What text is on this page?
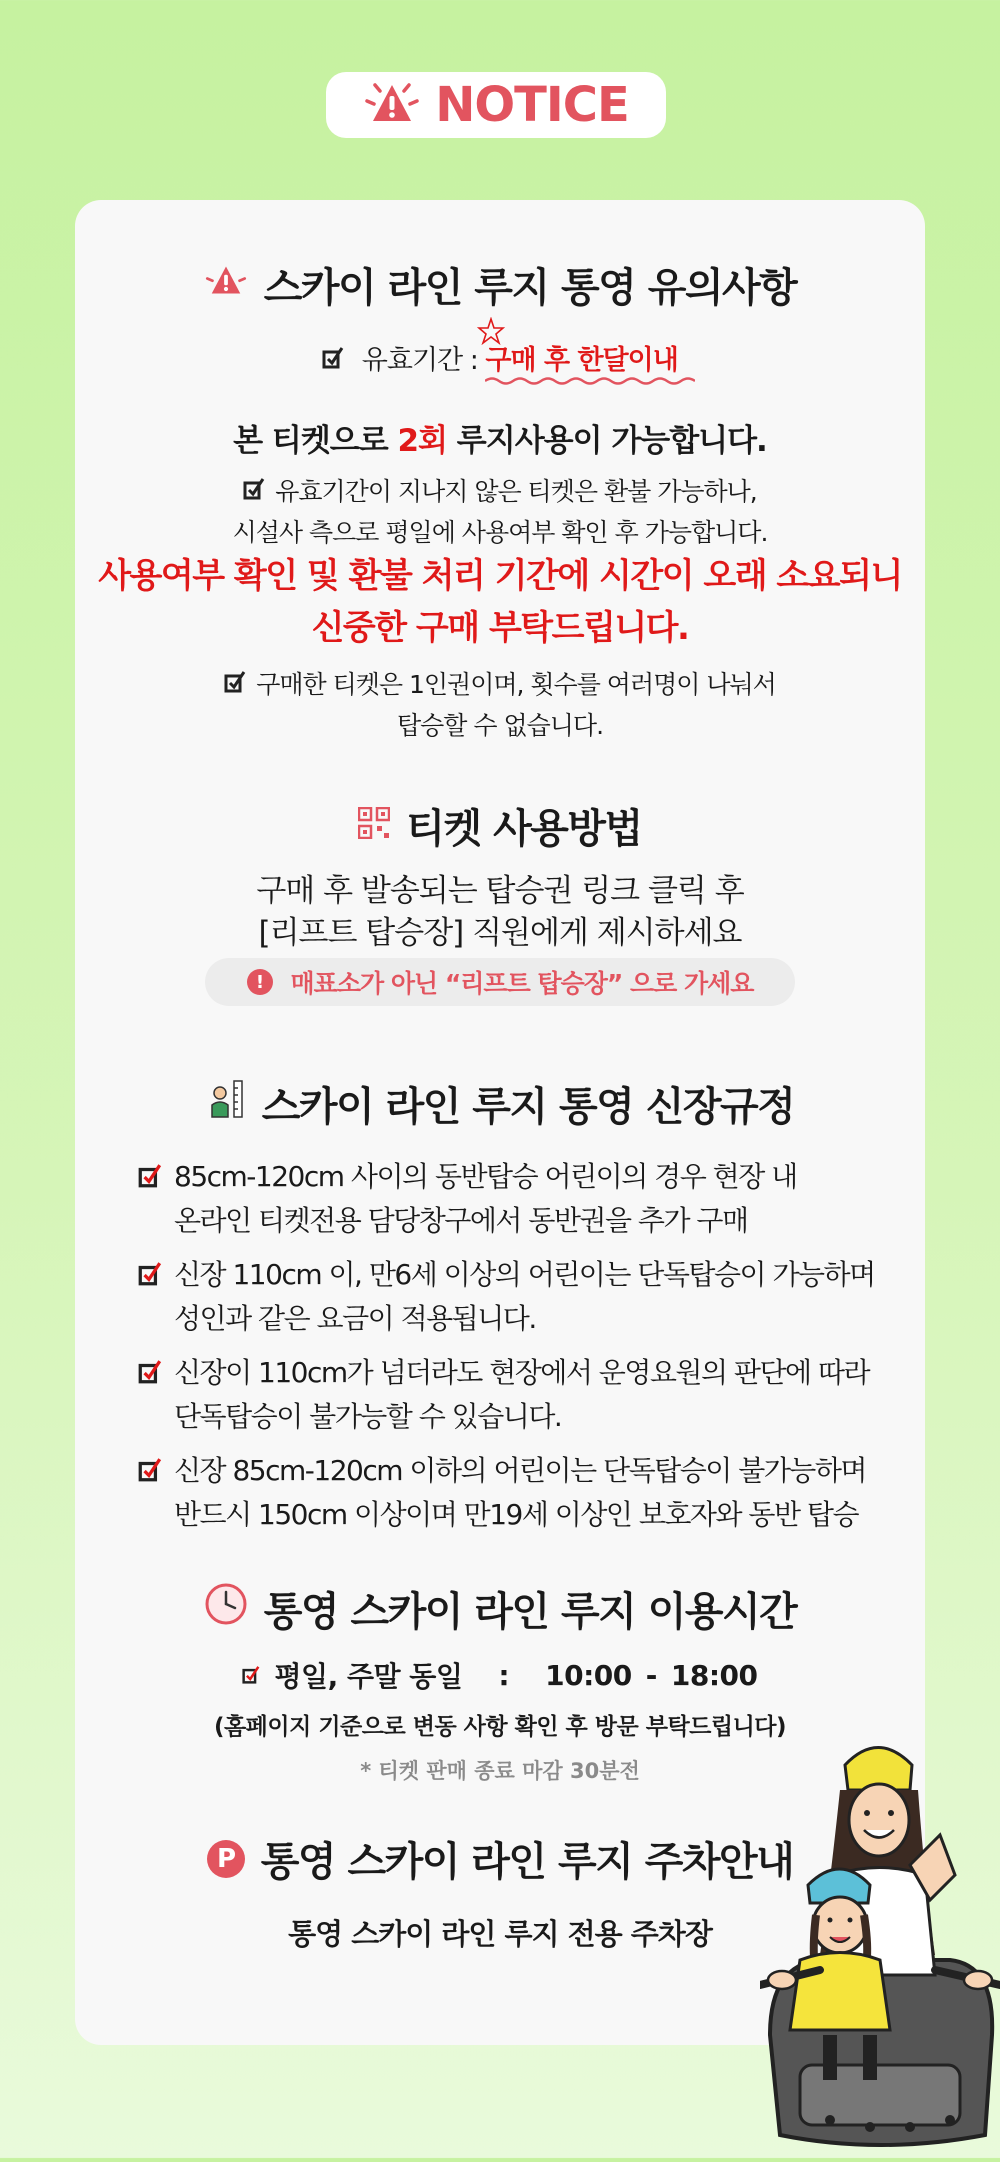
NOTICE
스카이 라인 루지 통영 유의사항
유효기간 : 구매 후 한달이내
본 티켓으로 2회 루지사용이 가능합니다.
유효기간이 지나지 않은 티켓은 환불 가능하나,
시설사 측으로 평일에 사용여부 확인 후 가능합니다.
사용여부 확인 및 환불 처리 기간에 시간이 오래 소요되니
신중한 구매 부탁드립니다.
구매한 티켓은 1인권이며, 횟수를 여러명이 나눠서
탑승할 수 없습니다.
티켓 사용방법
구매 후 발송되는 탑승권 링크 클릭 후
[리프트 탑승장] 직원에게 제시하세요
!	매표소가 아닌 “리프트 탑승장” 으로 가세요
스카이 라인 루지 통영 신장규정
85cm-120cm 사이의 동반탑승 어린이의 경우 현장 내
온라인 티켓전용 담당창구에서 동반권을 추가 구매
신장 110cm 이, 만6세 이상의 어린이는 단독탑승이 가능하며
성인과 같은 요금이 적용됩니다.
신장이 110cm가 넘더라도 현장에서 운영요원의 판단에 따라
단독탑승이 불가능할 수 있습니다.
신장 85cm-120cm 이하의 어린이는 단독탑승이 불가능하며
반드시 150cm 이상이며 만19세 이상인 보호자와 동반 탑승
통영 스카이 라인 루지 이용시간
평일, 주말 동일 : 10:00 - 18:00
(홈페이지 기준으로 변동 사항 확인 후 방문 부탁드립니다)
* 티켓 판매 종료 마감 30분전
P 통영 스카이 라인 루지 주차안내
통영 스카이 라인 루지 전용 주차장
